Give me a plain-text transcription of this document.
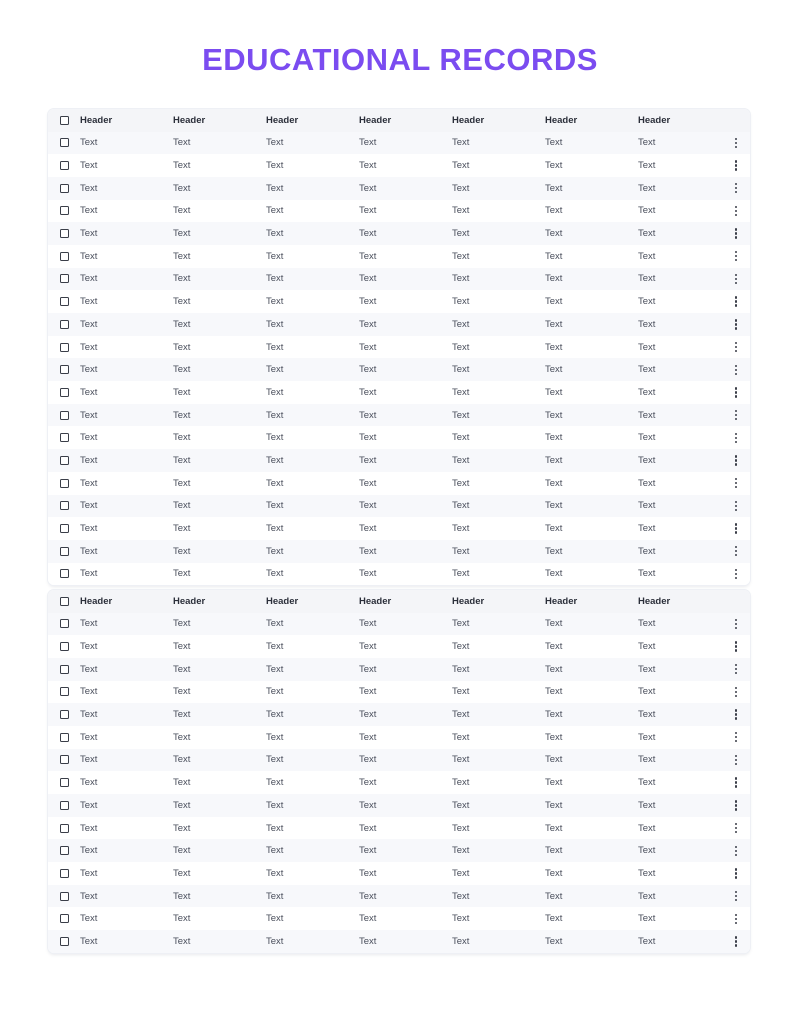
EDUCATIONAL RECORDS
Header	Header	Header	Header	Header	Header	Header
Text	Text	Text	Text	Text	Text	Text
Text	Text	Text	Text	Text	Text	Text
Text	Text	Text	Text	Text	Text	Text
Text	Text	Text	Text	Text	Text	Text
Text	Text	Text	Text	Text	Text	Text
Text	Text	Text	Text	Text	Text	Text
Text	Text	Text	Text	Text	Text	Text
Text	Text	Text	Text	Text	Text	Text
Text	Text	Text	Text	Text	Text	Text
Text	Text	Text	Text	Text	Text	Text
Text	Text	Text	Text	Text	Text	Text
Text	Text	Text	Text	Text	Text	Text
Text	Text	Text	Text	Text	Text	Text
Text	Text	Text	Text	Text	Text	Text
Text	Text	Text	Text	Text	Text	Text
Text	Text	Text	Text	Text	Text	Text
Text	Text	Text	Text	Text	Text	Text
Text	Text	Text	Text	Text	Text	Text
Text	Text	Text	Text	Text	Text	Text
Text	Text	Text	Text	Text	Text	Text
Header	Header	Header	Header	Header	Header	Header
Text	Text	Text	Text	Text	Text	Text
Text	Text	Text	Text	Text	Text	Text
Text	Text	Text	Text	Text	Text	Text
Text	Text	Text	Text	Text	Text	Text
Text	Text	Text	Text	Text	Text	Text
Text	Text	Text	Text	Text	Text	Text
Text	Text	Text	Text	Text	Text	Text
Text	Text	Text	Text	Text	Text	Text
Text	Text	Text	Text	Text	Text	Text
Text	Text	Text	Text	Text	Text	Text
Text	Text	Text	Text	Text	Text	Text
Text	Text	Text	Text	Text	Text	Text
Text	Text	Text	Text	Text	Text	Text
Text	Text	Text	Text	Text	Text	Text
Text	Text	Text	Text	Text	Text	Text
